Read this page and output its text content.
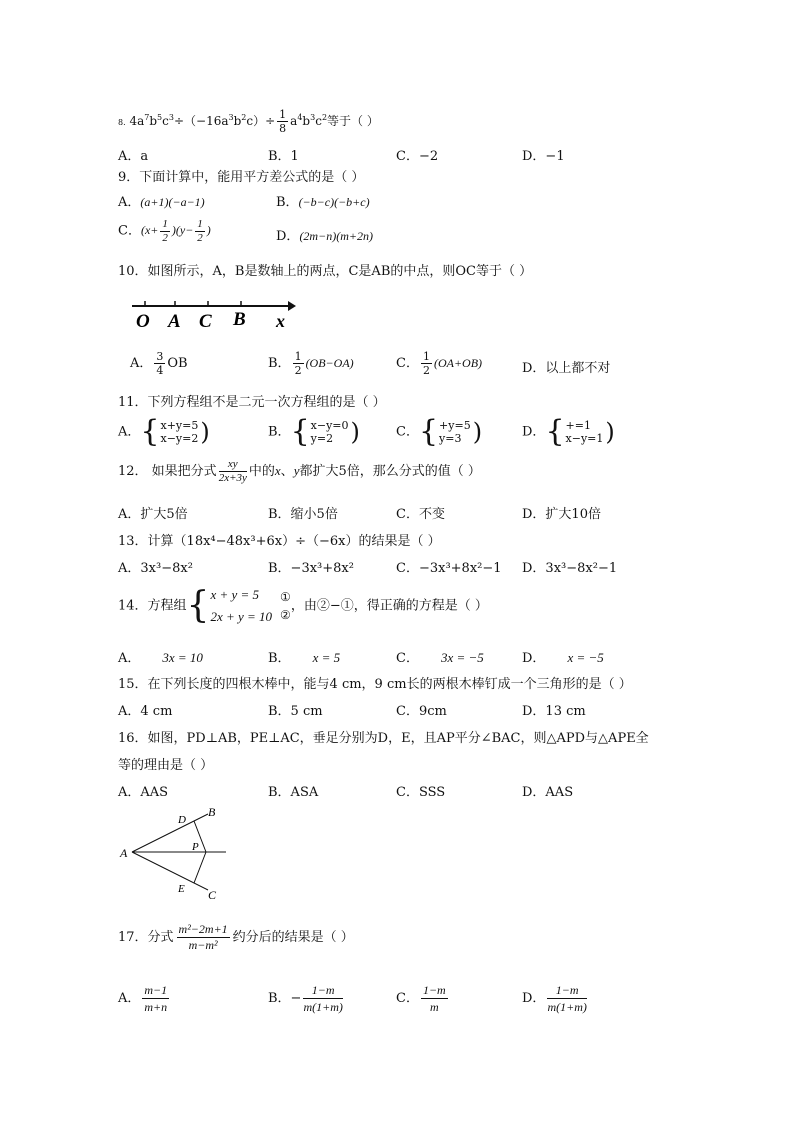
8. $4a^7b^5c^3\div(-16a^3b^2c)\div \frac{1}{8} a^4b^3c^2$等于（ ）
A．a	B．1	C．−2	D．−1
9．下面计算中，能用平方差公式的是（ ）
A．(a+1)(−a−1)	B．(−b−c)(−b+c)
C．$(x+ \frac{1}{2} )(y- \frac{1}{2}$ )	D．(2m−n)(m+2n)
10．如图所示，A，B是数轴上的两点，C是AB的中点，则OC等于（ ）
O A C B x
A． $\frac{3}{4}$ OB	B． $\frac{1}{2} (OB-OA)$	C． $\frac{1}{2} (OA+OB)$	D．以上都不对
11．下列方程组不是二元一次方程组的是（ ）
A．{ x+y=5
x−y=2 )	B．{ x−y=0
y=2 )	C．{ +y=5
y=3 )	D．{ +=1
x−y=1 )
12． 如果把分式 $\frac{xy}{2x+3y}$ 中的x、y都扩大5倍，那么分式的值（ ）
A．扩大5倍	B．缩小5倍	C．不变	D．扩大10倍
13．计算（18x⁴−48x³+6x）÷（−6x）的结果是（ ）
A．3x³−8x²	B．−3x³+8x²	C．−3x³+8x²−1 D．3x³−8x²−1
14．方程组{ x + y = 5
2x + y = 10
①
②
，由②−①，得正确的方程是（ ）
A． 3x = 10	B． x = 5	C． 3x = −5	D． x = −5
15．在下列长度的四根木棒中，能与4 cm，9 cm长的两根木棒钉成一个三角形的是（ ）
A．4 cm	B．5 cm	C．9cm	D．13 cm
16．如图，PD⊥AB，PE⊥AC，垂足分别为D，E，且AP平分∠BAC，则△APD与△APE全
等的理由是（ ）
A．AAS	B．ASA	C．SSS	D．AAS
A
B
C
D
E
P
17．分式 $\frac{\text{m²−2m+1}}{\text{m−m²}}$ 约分后的结果是（ ）
A． $\frac{m-1}{m+n}$	B．− $\frac{1-m}{m(1+m)}$	C． $\frac{1-m}{m}$	D． $\frac{1-m}{m(1+m)}$
